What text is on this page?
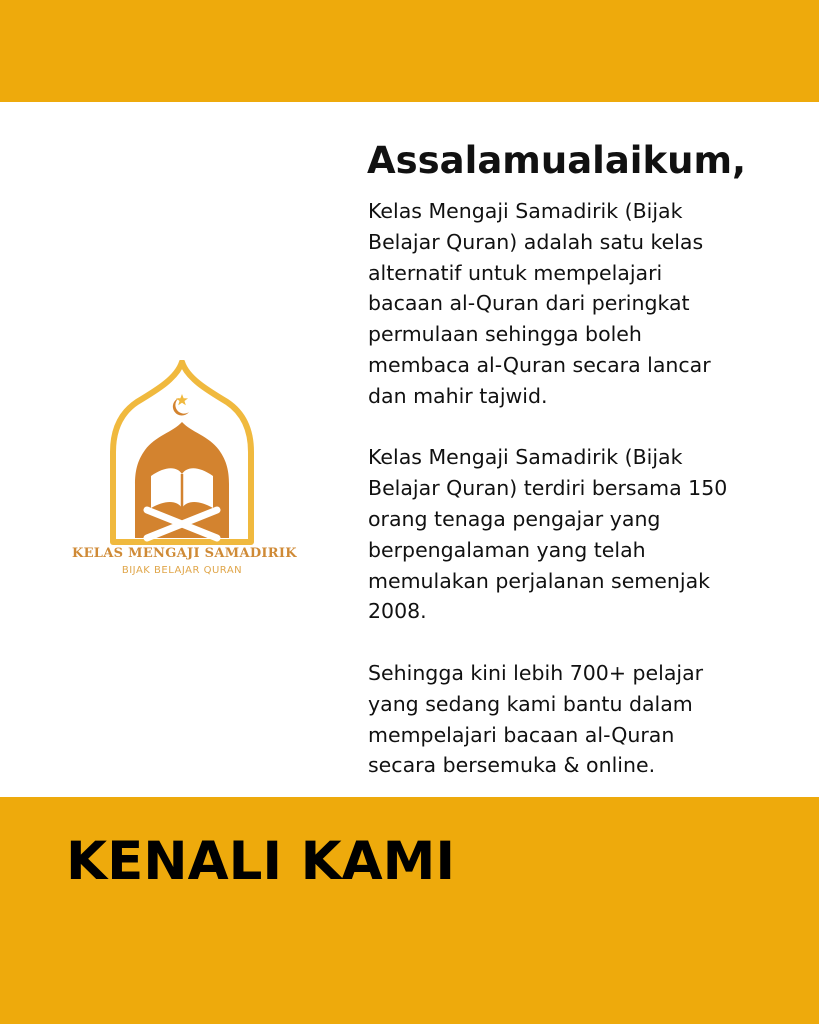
KELAS MENGAJI SAMADIRIK
BIJAK BELAJAR QURAN
Assalamualaikum,

Kelas Mengaji Samadirik (Bijak
Belajar Quran) adalah satu kelas
alternatif untuk mempelajari
bacaan al-Quran dari peringkat
permulaan sehingga boleh
membaca al-Quran secara lancar
dan mahir tajwid.

Kelas Mengaji Samadirik (Bijak
Belajar Quran) terdiri bersama 150
orang tenaga pengajar yang
berpengalaman yang telah
memulakan perjalanan semenjak
2008.

Sehingga kini lebih 700+ pelajar
yang sedang kami bantu dalam
mempelajari bacaan al-Quran
secara bersemuka & online.

KENALI KAMI
